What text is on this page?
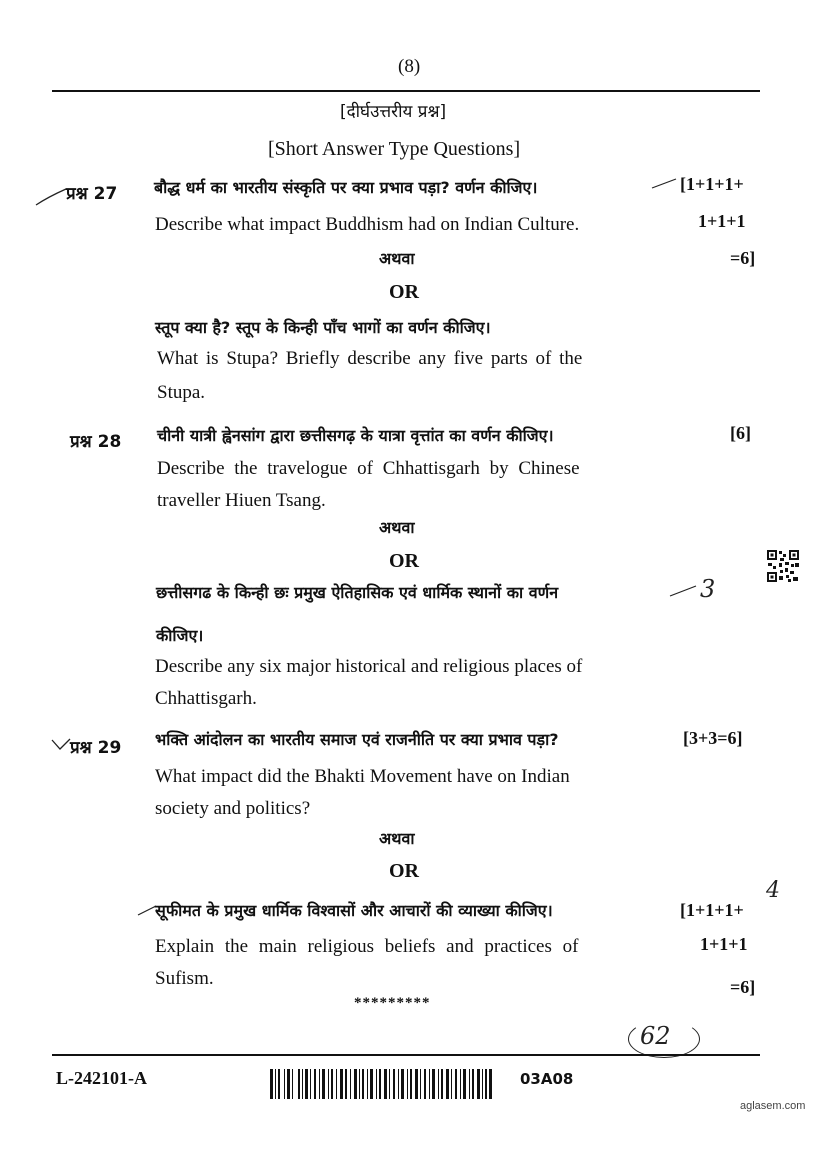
(8)
[दीर्घउत्तरीय प्रश्न]
[Short Answer Type Questions]
प्रश्न 27 बौद्ध धर्म का भारतीय संस्कृति पर क्या प्रभाव पड़ा? वर्णन कीजिए।	[1+1+1+
Describe what impact Buddhism had on Indian Culture.	1+1+1
अथवा	=6]
OR
स्तूप क्या है? स्तूप के किन्ही पाँच भागों का वर्णन कीजिए।
What is Stupa? Briefly describe any five parts of the
Stupa.
प्रश्न 28 चीनी यात्री ह्वेनसांग द्वारा छत्तीसगढ़ के यात्रा वृत्तांत का वर्णन कीजिए।	[6]
Describe the travelogue of Chhattisgarh by Chinese
traveller Hiuen Tsang.
अथवा
OR
छत्तीसगढ के किन्ही छः प्रमुख ऐतिहासिक एवं धार्मिक स्थानों का वर्णन	3
कीजिए।
Describe any six major historical and religious places of
Chhattisgarh.
प्रश्न 29 भक्ति आंदोलन का भारतीय समाज एवं राजनीति पर क्या प्रभाव पड़ा?	[3+3=6]
What impact did the Bhakti Movement have on Indian
society and politics?
अथवा
OR
सूफीमत के प्रमुख धार्मिक विश्वासों और आचारों की व्याख्या कीजिए।	[1+1+1+
4
Explain the main religious beliefs and practices of	1+1+1
Sufism.	=6]
*********
62
L-242101-A	03A08
aglasem.com
